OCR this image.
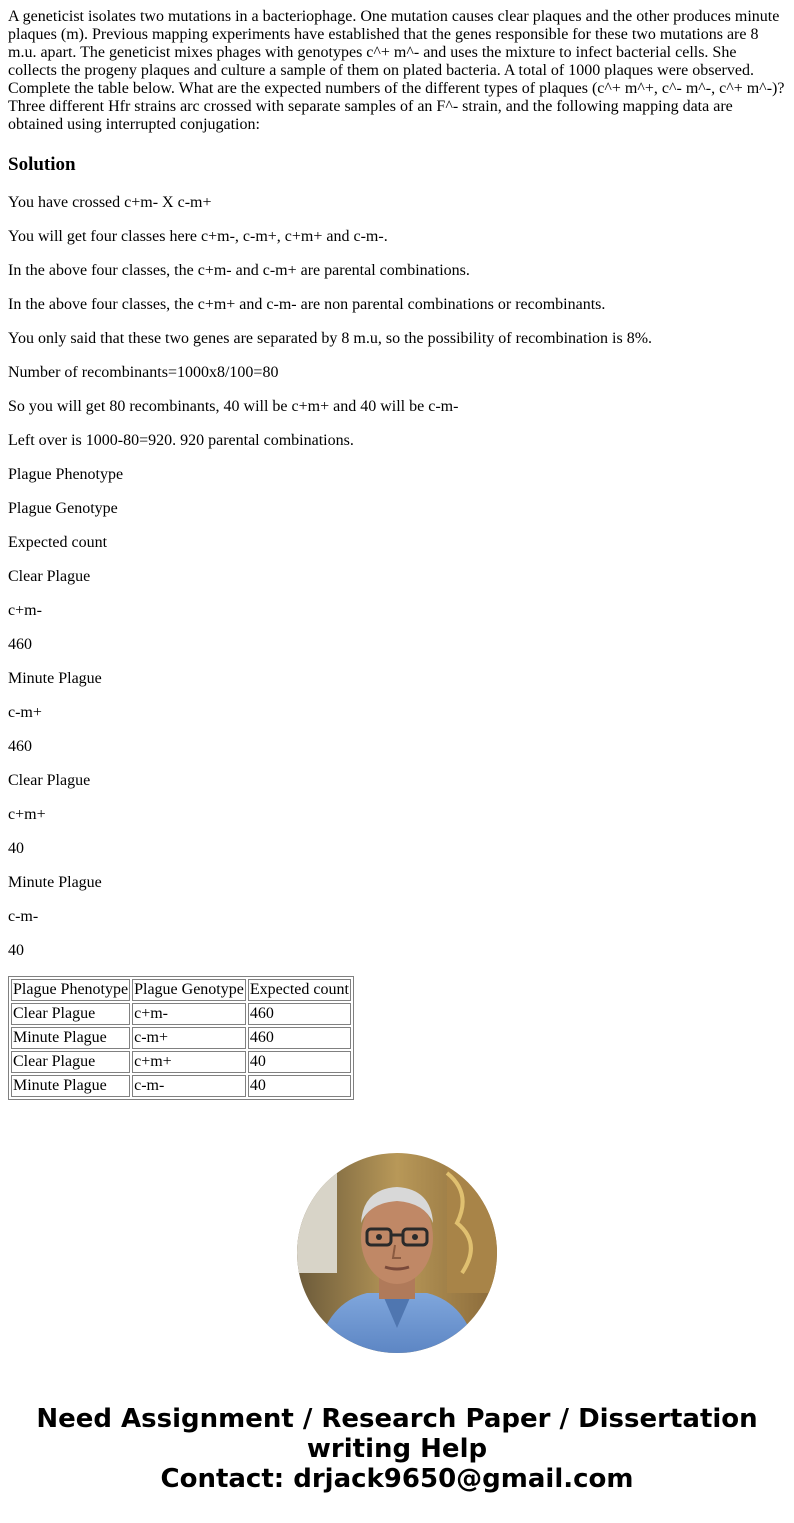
A geneticist isolates two mutations in a bacteriophage. One mutation causes clear plaques and the other produces minute plaques (m). Previous mapping experiments have established that the genes responsible for these two mutations are 8 m.u. apart. The geneticist mixes phages with genotypes c^+ m^- and uses the mixture to infect bacterial cells. She collects the progeny plaques and culture a sample of them on plated bacteria. A total of 1000 plaques were observed. Complete the table below. What are the expected numbers of the different types of plaques (c^+ m^+, c^- m^-, c^+ m^-)? Three different Hfr strains arc crossed with separate samples of an F^- strain, and the following mapping data are obtained using interrupted conjugation:

Solution

You have crossed c+m- X c-m+

You will get four classes here c+m-, c-m+, c+m+ and c-m-.

In the above four classes, the c+m- and c-m+ are parental combinations.

In the above four classes, the c+m+ and c-m- are non parental combinations or recombinants.

You only said that these two genes are separated by 8 m.u, so the possibility of recombination is 8%.

Number of recombinants=1000x8/100=80

So you will get 80 recombinants, 40 will be c+m+ and 40 will be c-m-

Left over is 1000-80=920. 920 parental combinations.

Plague Phenotype

Plague Genotype

Expected count

Clear Plague

c+m-

460

Minute Plague

c-m+

460

Clear Plague

c+m+

40

Minute Plague

c-m-

40

Plague Phenotype	Plague Genotype	Expected count
Clear Plague	c+m-	460
Minute Plague	c-m+	460
Clear Plague	c+m+	40
Minute Plague	c-m-	40
Need Assignment / Research Paper / Dissertation
writing Help
Contact: drjack9650@gmail.com
